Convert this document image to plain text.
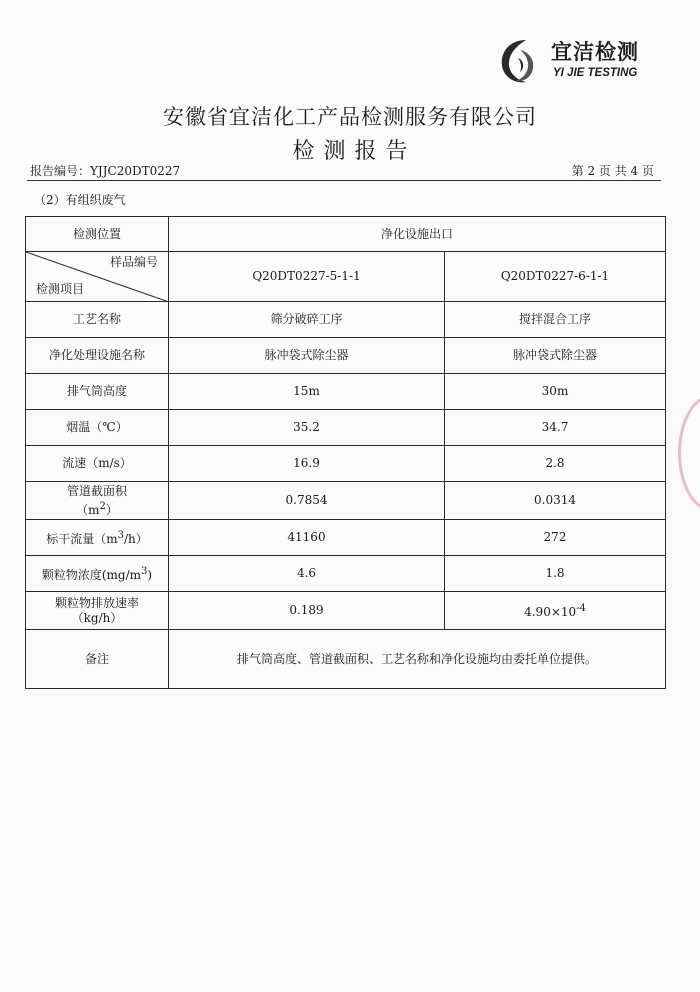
宜洁检测
YI JIE TESTING
安徽省宜洁化工产品检测服务有限公司
检测报告
报告编号：YJJC20DT0227	第 2 页 共 4 页
（2）有组织废气
检测位置	净化设施出口	

样品编号
检测项目	Q20DT0227-5-1-1	Q20DT0227-6-1-1
工艺名称	筛分破碎工序	搅拌混合工序
净化处理设施名称	脉冲袋式除尘器	脉冲袋式除尘器
排气筒高度	15m	30m
烟温（℃）	35.2	34.7
流速（m/s）	16.9	2.8

管道截面积
$(m^2)$	0.7854	0.0314
标干流量$(m^3/h)$	41160	272
颗粒物浓度$(mg/m^3)$	4.6	1.8

颗粒物排放速率
（kg/h）	0.189	$4.90\times 10^{-4}$
备注	排气筒高度、管道截面积、工艺名称和净化设施均由委托单位提供。	
